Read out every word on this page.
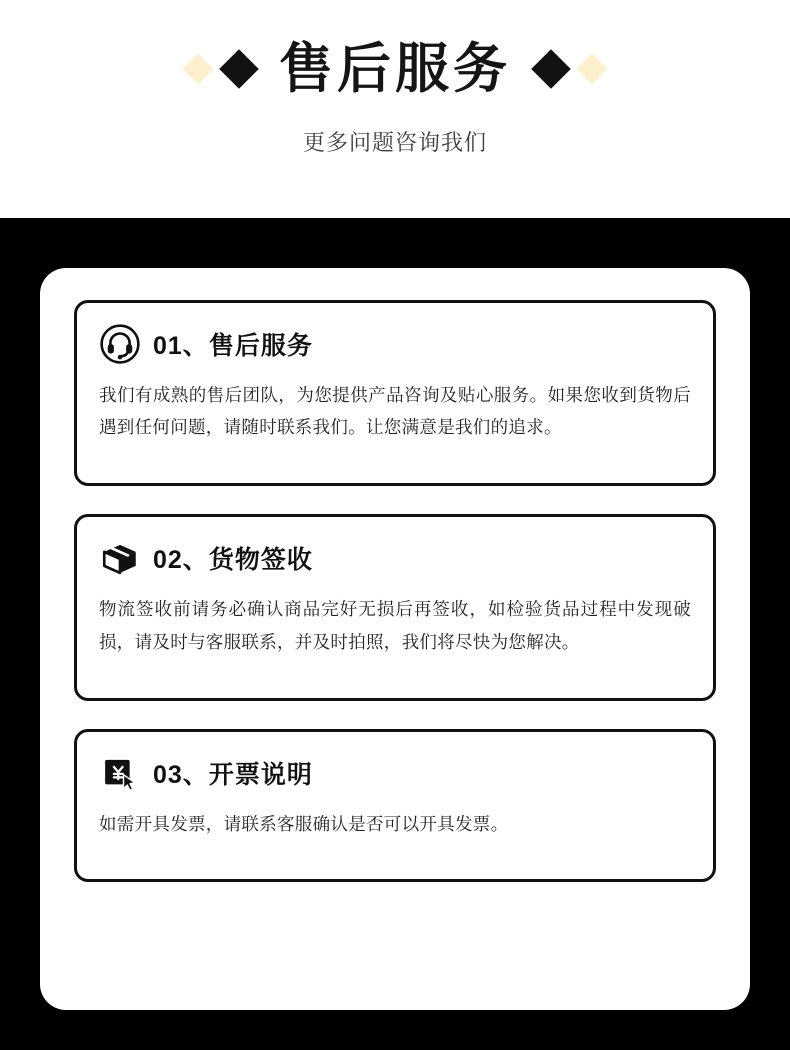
售后服务
更多问题咨询我们
01、售后服务

我们有成熟的售后团队，为您提供产品咨询及贴心服务。如果您收到货物后遇到任何问题，请随时联系我们。让您满意是我们的追求。

02、货物签收

物流签收前请务必确认商品完好无损后再签收，如检验货品过程中发现破损，请及时与客服联系，并及时拍照，我们将尽快为您解决。

03、开票说明

如需开具发票，请联系客服确认是否可以开具发票。
